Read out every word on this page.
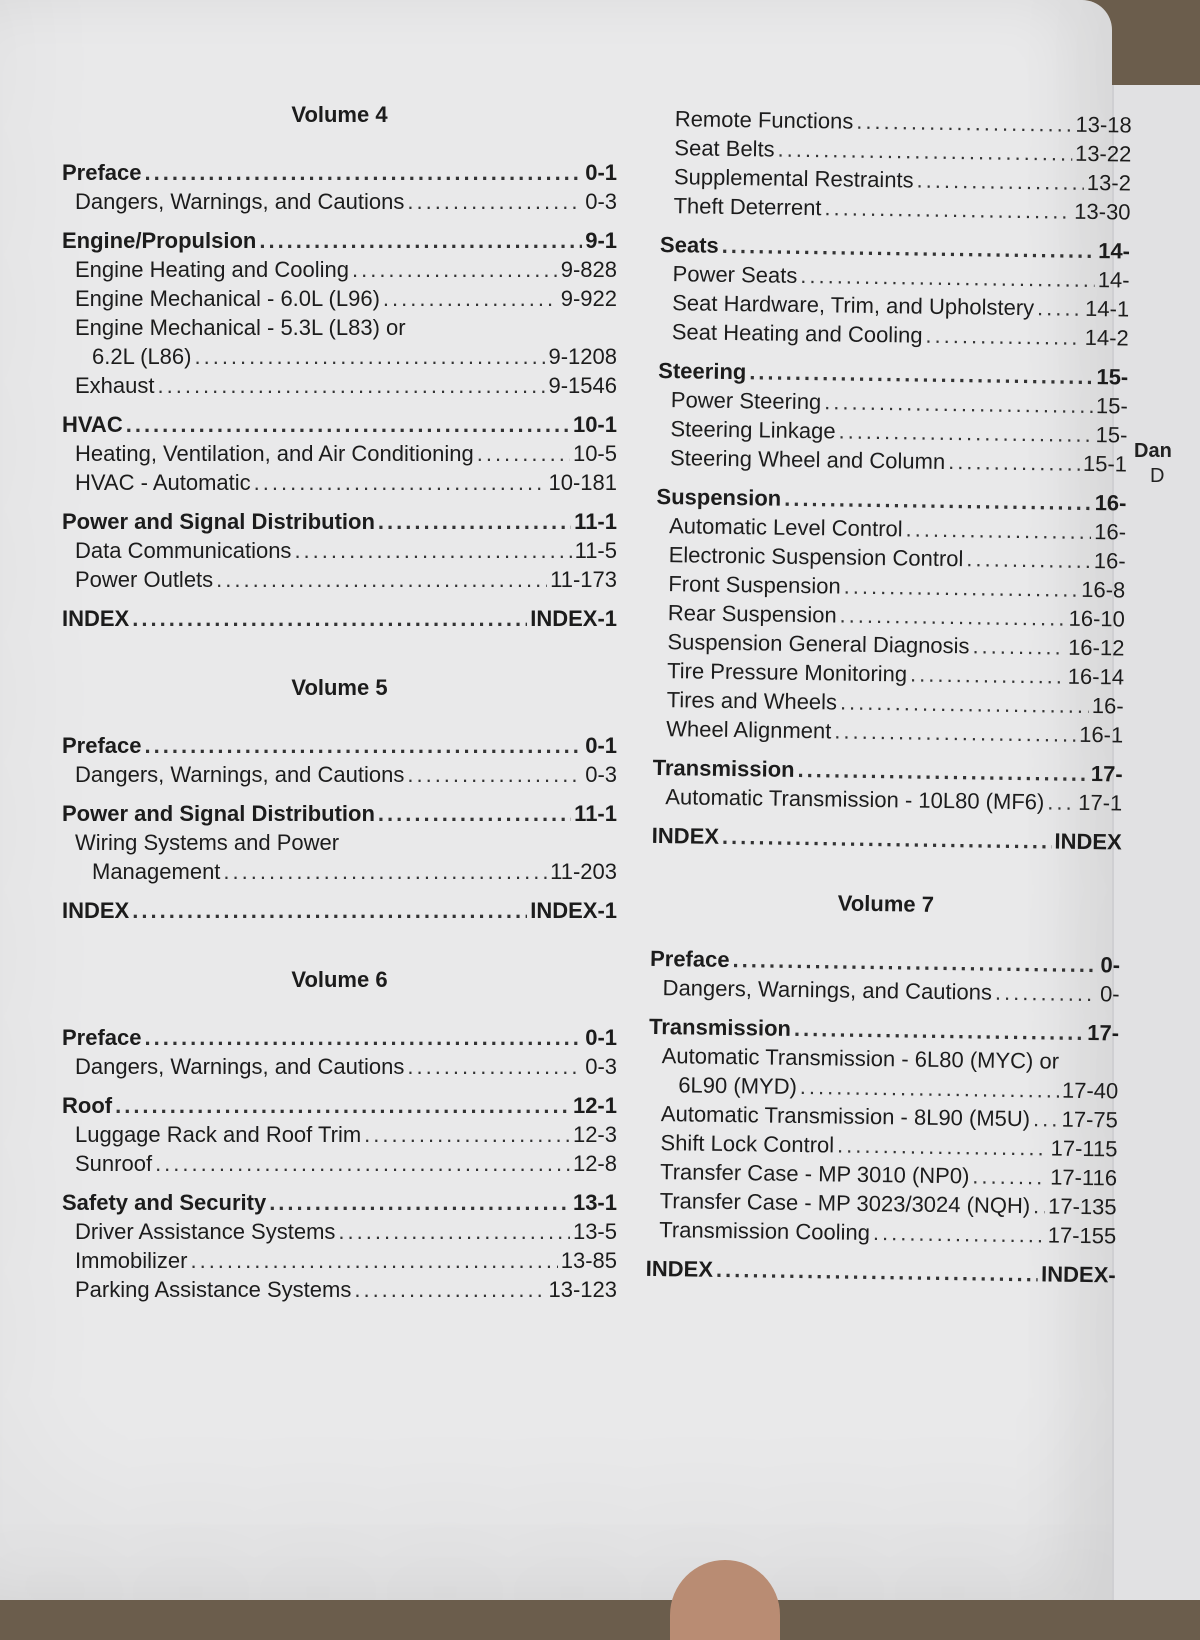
Dan
D
Volume 4
Preface .....	0-1
Dangers, Warnings, and Cautions .....	0-3
Engine/Propulsion .....	9-1
Engine Heating and Cooling .....	9-828
Engine Mechanical - 6.0L (L96) .....	9-922
Engine Mechanical - 5.3L (L83) or
6.2L (L86) .....	9-1208
Exhaust .....	9-1546
HVAC .....	10-1
Heating, Ventilation, and Air Conditioning .....	10-5
HVAC - Automatic .....	10-181
Power and Signal Distribution .....	11-1
Data Communications .....	11-5
Power Outlets .....	11-173
INDEX .....	INDEX-1
Volume 5
Preface .....	0-1
Dangers, Warnings, and Cautions .....	0-3
Power and Signal Distribution .....	11-1
Wiring Systems and Power
Management .....	11-203
INDEX .....	INDEX-1
Volume 6
Preface .....	0-1
Dangers, Warnings, and Cautions .....	0-3
Roof .....	12-1
Luggage Rack and Roof Trim .....	12-3
Sunroof .....	12-8
Safety and Security .....	13-1
Driver Assistance Systems .....	13-5
Immobilizer .....	13-85
Parking Assistance Systems .....	13-123
Remote Functions .....	13-18
Seat Belts .....	13-22
Supplemental Restraints .....	13-2
Theft Deterrent .....	13-30
Seats .....	14-
Power Seats .....	14-
Seat Hardware, Trim, and Upholstery ..... 14-1
Seat Heating and Cooling .....	14-2
Steering .....	15-
Power Steering .....	15-
Steering Linkage .....	15-
Steering Wheel and Column .....	15-1
Suspension .....	16-
Automatic Level Control .....	16-
Electronic Suspension Control .....	16-
Front Suspension .....	16-8
Rear Suspension .....	16-10
Suspension General Diagnosis .....	16-12
Tire Pressure Monitoring .....	16-14
Tires and Wheels .....	16-
Wheel Alignment .....	16-1
Transmission .....	17-
Automatic Transmission - 10L80 (MF6) ..... 17-1
INDEX .....	INDEX
Volume 7
Preface .....	0-
Dangers, Warnings, and Cautions .....	0-
Transmission .....	17-
Automatic Transmission - 6L80 (MYC) or
6L90 (MYD) .....	17-40
Automatic Transmission - 8L90 (M5U) ..... 17-75
Shift Lock Control .....	17-115
Transfer Case - MP 3010 (NP0) .....	17-116
Transfer Case - MP 3023/3024 (NQH) ..... 17-135
Transmission Cooling .....	17-155
INDEX .....	INDEX-
